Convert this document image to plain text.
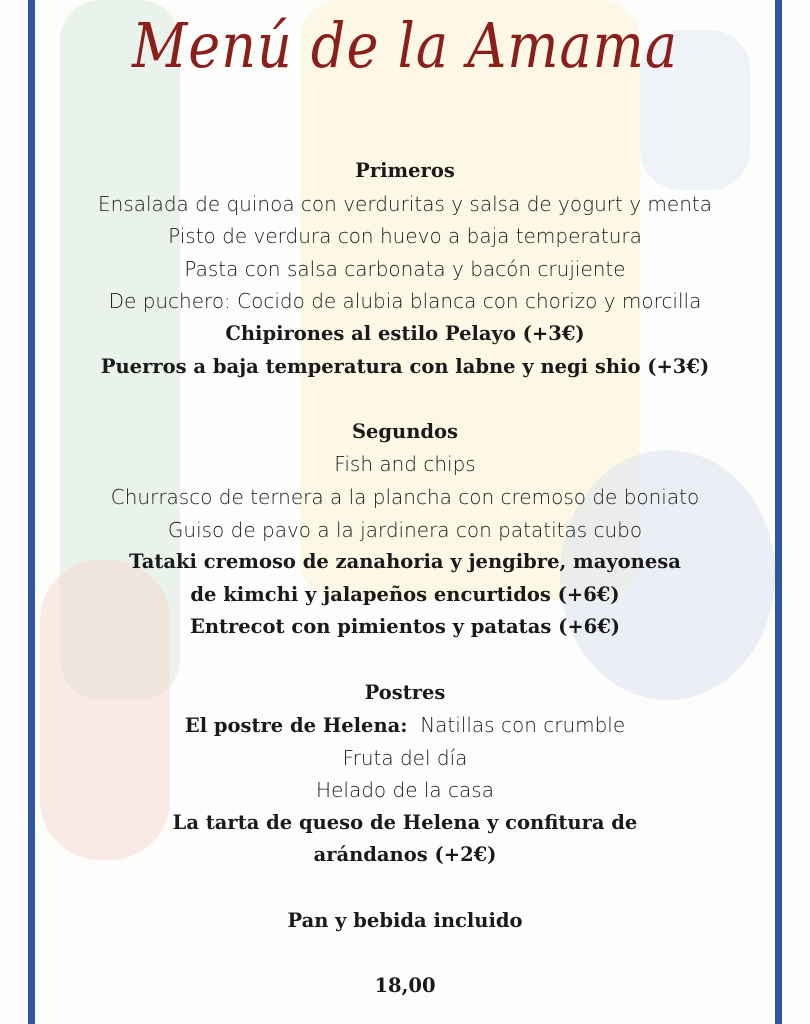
Menú de la Amama
Primeros
Ensalada de quinoa con verduritas y salsa de yogurt y menta
Pisto de verdura con huevo a baja temperatura
Pasta con salsa carbonata y bacón crujiente
De puchero: Cocido de alubia blanca con chorizo y morcilla
Chipirones al estilo Pelayo (+3€)
Puerros a baja temperatura con labne y negi shio (+3€)
Segundos
Fish and chips
Churrasco de ternera a la plancha con cremoso de boniato
Guiso de pavo a la jardinera con patatitas cubo
Tataki cremoso de zanahoria y jengibre, mayonesa
de kimchi y jalapeños encurtidos (+6€)
Entrecot con pimientos y patatas (+6€)
Postres
El postre de Helena:  Natillas con crumble
Fruta del día
Helado de la casa
La tarta de queso de Helena y confitura de
arándanos (+2€)
Pan y bebida incluido
18,00
